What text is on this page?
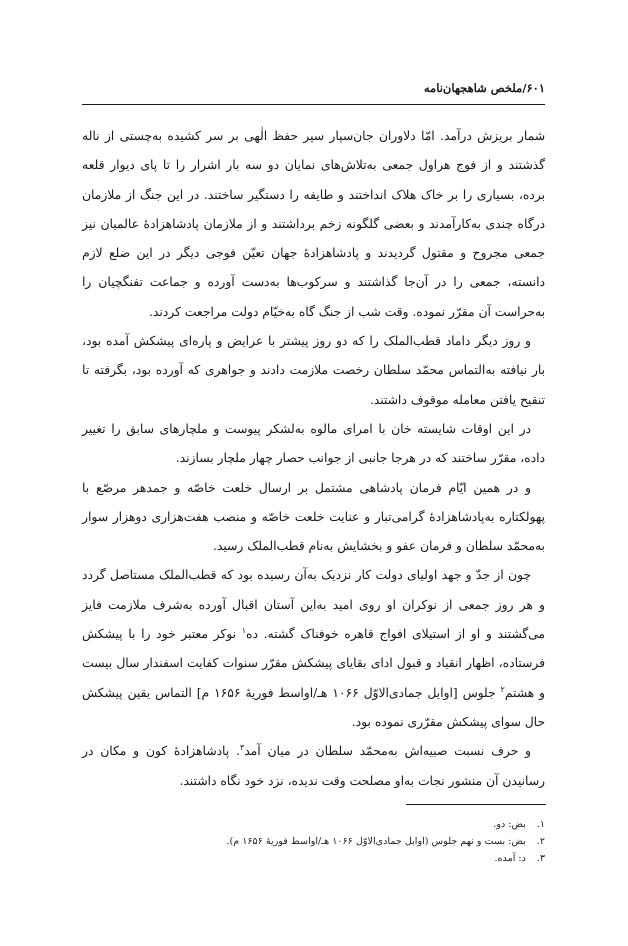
۶۰۱/ملخص شاهجهان‌نامه

شمار بریزش درآمد. امّا دلاوران جان‌سپار سپر حفظ الٰهی بر سر کشیده به‌چستی از ناله گذشتند و از فوج هراول جمعی به‌تلاش‌های نمایان دو سه بار اشرار را تا پای دیوار قلعه برده، بسیاری را بر خاک هلاک انداختند و طایفه را دستگیر ساختند. در این جنگ از ملازمان درگاه چندی به‌کارآمدند و بعضی گلگونه زخم برداشتند و از ملازمان پادشاهزادهٔ عالمیان نیز جمعی مجروح و مقتول گردیدند و پادشاهزادهٔ جهان تعیّن فوجی دیگر در این ضلع لازم دانسته، جمعی را در آن‌جا گذاشتند و سرکوب‌ها به‌دست آورده و جماعت تفنگچیان را به‌حراست آن مقرّر نموده. وقت شب از جنگ گاه به‌خیّام دولت مراجعت کردند.

و روز دیگر داماد قطب‌الملک را که دو روز پیشتر با عرایض و پاره‌ای پیشکش آمده بود، بار نیافته به‌التماس محمّد سلطان رخصت ملازمت دادند و جواهری که آورده بود، بگرفته تا تنقیح یافتن معامله موقوف داشتند.

در این اوقات شایسته خان با امرای مالوه به‌لشکر پیوست و ملچارهای سابق را تغییر داده، مقرّر ساختند که در هرجا جانبی از جوانب حصار چهار ملچار بسازند.

و در همین ایّام فرمان پادشاهی مشتمل بر ارسال خلعت خاصّه و جمدهر مرصّع با پهولکتاره به‌پادشاهزادهٔ گرامی‌تبار و عنایت خلعت خاصّه و منصب هفت‌هزاری دوهزار سوار به‌محمّد سلطان و فرمان عفو و بخشایش به‌نام قطب‌الملک رسید.

چون از جدّ و جهد اولیای دولت کار نزدیک به‌آن رسیده بود که قطب‌الملک مستاصل گردد و هر روز جمعی از نوکران او روی امید به‌این آستان اقبال آورده به‌شرف ملازمت فایز می‌گشتند و او از استیلای افواج قاهره خوفناک گشته. ده$^۱$ نوکر معتبر خود را با پیشکش فرستاده، اظهار انقیاد و قبول ادای بقایای پیشکش مقرّر سنوات کفایت اسفندار سال بیست و هشتم$^۲$ جلوس [اوایل جمادی‌الاوّل ۱۰۶۶ هـ/اواسط فوریهٔ ۱۶۵۶ م] التماس یقین پیشکش حال سوای پیشکش مقرّری نموده بود.

و حرف نسبت صبیه‌اش به‌محمّد سلطان در میان آمد$^۳$. پادشاهزادهٔ کون و مکان در رسانیدن آن منشور نجات به‌او مصلحت وقت ندیده، نزد خود نگاه داشتند.

۱. بض: دو.

۲. بض: بست و نهم جلوس (اوایل جمادی‌الاوّل ۱۰۶۶ هـ/اواسط فوریهٔ ۱۶۵۶ م).

۳. د: آمده.
